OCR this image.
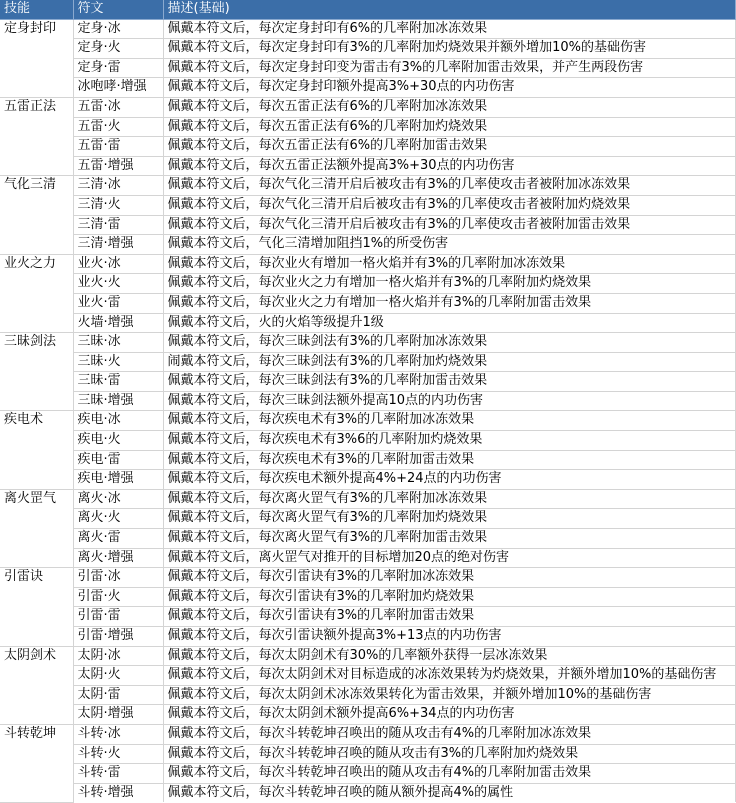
技能	符文	描述(基础)
定身封印	定身·冰	佩戴本符文后，每次定身封印有6%的几率附加冰冻效果
	定身·火	佩戴本符文后，每次定身封印有3%的几率附加灼烧效果并额外增加10%的基础伤害
	定身·雷	佩戴本符文后，每次定身封印变为雷击有3%的几率附加雷击效果，并产生两段伤害
	冰咆哮·增强	佩戴本符文后，每次定身封印额外提高3%+30点的内功伤害
五雷正法	五雷·冰	佩戴本符文后，每次五雷正法有6%的几率附加冰冻效果
	五雷·火	佩戴本符文后，每次五雷正法有6%的几率附加灼烧效果
	五雷·雷	佩戴本符文后，每次五雷正法有6%的几率附加雷击效果
	五雷·增强	佩戴本符文后，每次五雷正法额外提高3%+30点的内功伤害
气化三清	三清·冰	佩戴本符文后，每次气化三清开启后被攻击有3%的几率使攻击者被附加冰冻效果
	三清·火	佩戴本符文后，每次气化三清开启后被攻击有3%的几率使攻击者被附加灼烧效果
	三清·雷	佩戴本符文后，每次气化三清开启后被攻击有3%的几率使攻击者被附加雷击效果
	三清·增强	佩戴本符文后，气化三清增加阻挡1%的所受伤害
业火之力	业火·冰	佩戴本符文后，每次业火有增加一格火焰并有3%的几率附加冰冻效果
	业火·火	佩戴本符文后，每次业火之力有增加一格火焰并有3%的几率附加灼烧效果
	业火·雷	佩戴本符文后，每次业火之力有增加一格火焰并有3%的几率附加雷击效果
	火墙·增强	佩戴本符文后，火的火焰等级提升1级
三昧剑法	三昧·冰	佩戴本符文后，每次三昧剑法有3%的几率附加冰冻效果
	三昧·火	闹戴本符文后，每次三昧剑法有3%的几率附加灼烧效果
	三昧·雷	佩戴本符文后，每次三昧剑法有3%的几率附加雷击效果
	三昧·增强	佩戴本符文后，每次三昧剑法额外提高10点的内功伤害
疾电术	疾电·冰	佩戴本符文后，每次疾电术有3%的几率附加冰冻效果
	疾电·火	佩戴本符文后，每次疾电术有3%6的几率附加灼烧效果
	疾电·雷	佩戴本符文后，每次疾电术有3%的几率附加雷击效果
	疾电·增强	佩戴本符文后，每次疾电术额外提高4%+24点的内功伤害
离火罡气	离火·冰	佩戴本符文后，每次离火罡气有3%的几率附加冰冻效果
	离火·火	佩戴本符文后，每次离火罡气有3%的几率附加灼烧效果
	离火·雷	佩戴本符文后，每次离火罡气有3%的几率附加雷击效果
	离火·增强	佩戴本符文后，离火罡气对推开的目标增加20点的绝对伤害
引雷诀	引雷·冰	佩戴本符文后，每次引雷诀有3%的几率附加冰冻效果
	引雷·火	佩戴本符文后，每次引雷诀有3%的几率附加灼烧效果
	引雷·雷	佩戴本符文后，每次引雷诀有3%的几率附加雷击效果
	引雷·增强	佩戴本符文后，每次引雷诀额外提高3%+13点的内功伤害
太阴剑术	太阴·冰	佩戴本符文后，每次太阴剑术有30%的几率额外获得一层冰冻效果
	太阴·火	佩戴本符文后，每次太阴剑术对目标造成的冰冻效果转为灼烧效果，并额外增加10%的基础伤害
	太阴·雷	佩戴本符文后，每次太阴剑术冰冻效果转化为雷击效果，并额外增加10%的基础伤害
	太阴·增强	佩戴本符文后，每次太阴剑术额外提高6%+34点的内功伤害
斗转乾坤	斗转·冰	佩戴本符文后，每次斗转乾坤召唤出的随从攻击有4%的几率附加冰冻效果
	斗转·火	佩戴本符文后，每次斗转乾坤召唤的随从攻击有3%的几率附加灼烧效果
	斗转·雷	佩戴本符文后，每次斗转乾坤召唤出的随从攻击有4%的几率附加雷击效果
	斗转·增强	佩戴本符文后，每次斗转乾坤召唤的随从额外提高4%的属性
